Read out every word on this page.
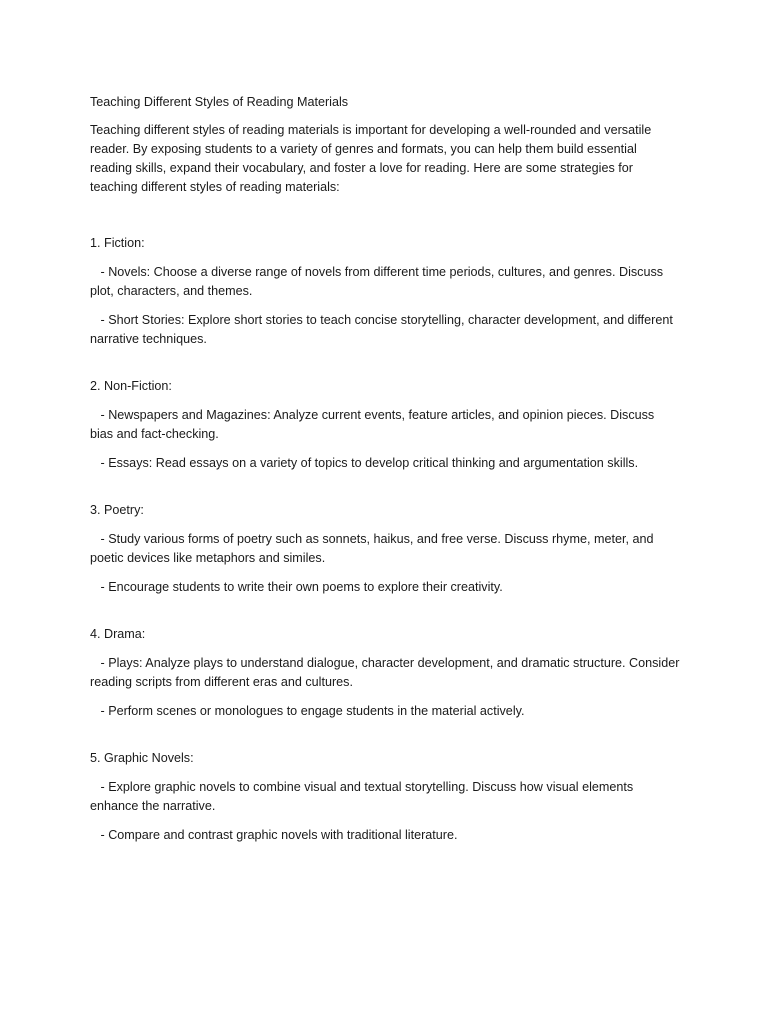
Teaching Different Styles of Reading Materials

Teaching different styles of reading materials is important for developing a well-rounded and versatile reader. By exposing students to a variety of genres and formats, you can help them build essential reading skills, expand their vocabulary, and foster a love for reading. Here are some strategies for teaching different styles of reading materials:

1. Fiction:

- Novels: Choose a diverse range of novels from different time periods, cultures, and genres. Discuss plot, characters, and themes.

- Short Stories: Explore short stories to teach concise storytelling, character development, and different narrative techniques.

2. Non-Fiction:

- Newspapers and Magazines: Analyze current events, feature articles, and opinion pieces. Discuss bias and fact-checking.

- Essays: Read essays on a variety of topics to develop critical thinking and argumentation skills.

3. Poetry:

- Study various forms of poetry such as sonnets, haikus, and free verse. Discuss rhyme, meter, and poetic devices like metaphors and similes.

- Encourage students to write their own poems to explore their creativity.

4. Drama:

- Plays: Analyze plays to understand dialogue, character development, and dramatic structure. Consider reading scripts from different eras and cultures.

- Perform scenes or monologues to engage students in the material actively.

5. Graphic Novels:

- Explore graphic novels to combine visual and textual storytelling. Discuss how visual elements enhance the narrative.

- Compare and contrast graphic novels with traditional literature.
